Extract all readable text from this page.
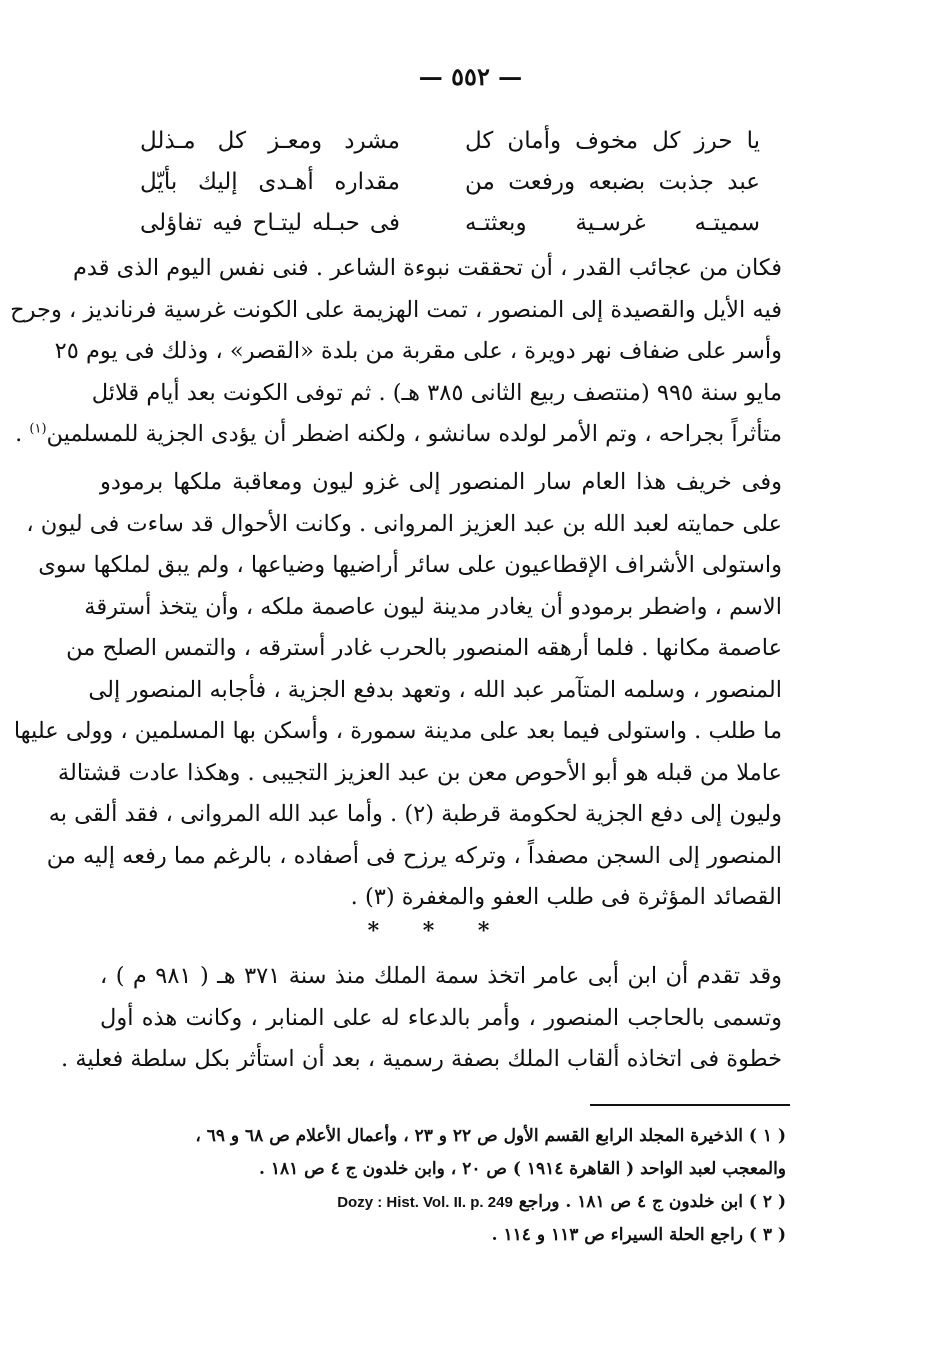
— ٥٥٢ —
يا حرز كل مخوف وأمان كل
مشرد ومعـز كل مـذلل
عبد جذبت بضبعه ورفعت من
مقداره أهـدى إليك بأيّل
سميتـه غرسـية وبعثتـه
فى حبـله ليتـاح فيه تفاؤلى
فكان من عجائب القدر ، أن تحققت نبوءة الشاعر . فنى نفس اليوم الذى قدم
فيه الأيل والقصيدة إلى المنصور ، تمت الهزيمة على الكونت غرسية فرنانديز ، وجرح
وأسر على ضفاف نهر دويرة ، على مقربة من بلدة «القصر» ، وذلك فى يوم ٢٥
مايو سنة ٩٩٥ (منتصف ربيع الثانى ٣٨٥ هـ) . ثم توفى الكونت بعد أيام قلائل
متأثراً بجراحه ، وتم الأمر لولده سانشو ، ولكنه اضطر أن يؤدى الجزية للمسلمين$^{(١)}$ .
وفى خريف هذا العام سار المنصور إلى غزو ليون ومعاقبة ملكها برمودو
على حمايته لعبد الله بن عبد العزيز المروانى . وكانت الأحوال قد ساءت فى ليون ،
واستولى الأشراف الإقطاعيون على سائر أراضيها وضياعها ، ولم يبق لملكها سوى
الاسم ، واضطر برمودو أن يغادر مدينة ليون عاصمة ملكه ، وأن يتخذ أسترقة
عاصمة مكانها . فلما أرهقه المنصور بالحرب غادر أسترقه ، والتمس الصلح من
المنصور ، وسلمه المتآمر عبد الله ، وتعهد بدفع الجزية ، فأجابه المنصور إلى
ما طلب . واستولى فيما بعد على مدينة سمورة ، وأسكن بها المسلمين ، وولى عليها
عاملا من قبله هو أبو الأحوص معن بن عبد العزيز التجيبى . وهكذا عادت قشتالة
وليون إلى دفع الجزية لحكومة قرطبة (٢) . وأما عبد الله المروانى ، فقد ألقى به
المنصور إلى السجن مصفداً ، وتركه يرزح فى أصفاده ، بالرغم مما رفعه إليه من
القصائد المؤثرة فى طلب العفو والمغفرة (٣) .
* * *
وقد تقدم أن ابن أبى عامر اتخذ سمة الملك منذ سنة ٣٧١ هـ ( ٩٨١ م ) ،
وتسمى بالحاجب المنصور ، وأمر بالدعاء له على المنابر ، وكانت هذه أول
خطوة فى اتخاذه ألقاب الملك بصفة رسمية ، بعد أن استأثر بكل سلطة فعلية .
( ١ ) الذخيرة المجلد الرابع القسم الأول ص ٢٢ و ٢٣ ، وأعمال الأعلام ص ٦٨ و ٦٩ ،
والمعجب لعبد الواحد ( القاهرة ١٩١٤ ) ص ٢٠ ، وابن خلدون ج ٤ ص ١٨١ .
( ٢ ) ابن خلدون ج ٤ ص ١٨١ . وراجع Dozy : Hist. Vol. II. p. 249
( ٣ ) راجع الحلة السيراء ص ١١٣ و ١١٤ .
